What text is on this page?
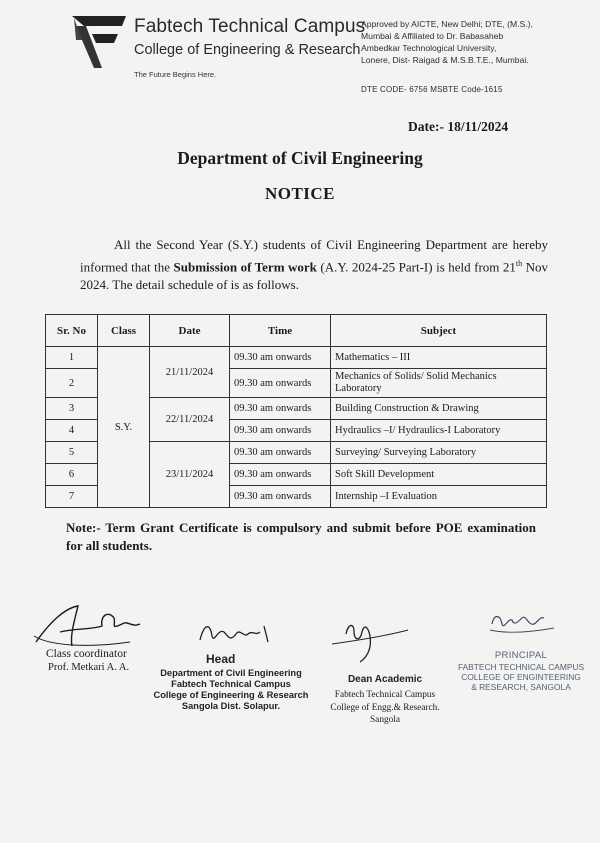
Fabtech Technical Campus
College of Engineering & Research
The Future Begins Here.
Approved by AICTE, New Delhi; DTE, (M.S.),
Mumbai & Affiliated to Dr. Babasaheb
Ambedkar Technological University,
Lonere, Dist- Raigad & M.S.B.T.E., Mumbai.
DTE CODE- 6756 MSBTE Code-1615
Date:- 18/11/2024
Department of Civil Engineering
NOTICE
All the Second Year (S.Y.) students of Civil Engineering Department are hereby informed that the Submission of Term work (A.Y. 2024-25 Part-I) is held from 21th Nov 2024. The detail schedule of is as follows.
Sr. No	Class	Date	Time	Subject
1	S.Y.	21/11/2024	09.30 am onwards	Mathematics – III
2			09.30 am onwards	Mechanics of Solids/ Solid Mechanics Laboratory
3		22/11/2024	09.30 am onwards	Building Construction & Drawing
4			09.30 am onwards	Hydraulics –I/ Hydraulics-I Laboratory
5		23/11/2024	09.30 am onwards	Surveying/ Surveying Laboratory
6			09.30 am onwards	Soft Skill Development
7			09.30 am onwards	Internship –I Evaluation
Note:- Term Grant Certificate is compulsory and submit before POE examination for all students.
Class coordinator
Prof. Metkari A. A.
Head
Department of Civil Engineering
Fabtech Technical Campus
College of Engineering & Research
Sangola Dist. Solapur.
Dean Academic
Fabtech Technical Campus
College of Engg.& Research.
Sangola
PRINCIPAL
FABTECH TECHNICAL CAMPUS
COLLEGE OF ENGINTEERING
& RESEARCH, SANGOLA
